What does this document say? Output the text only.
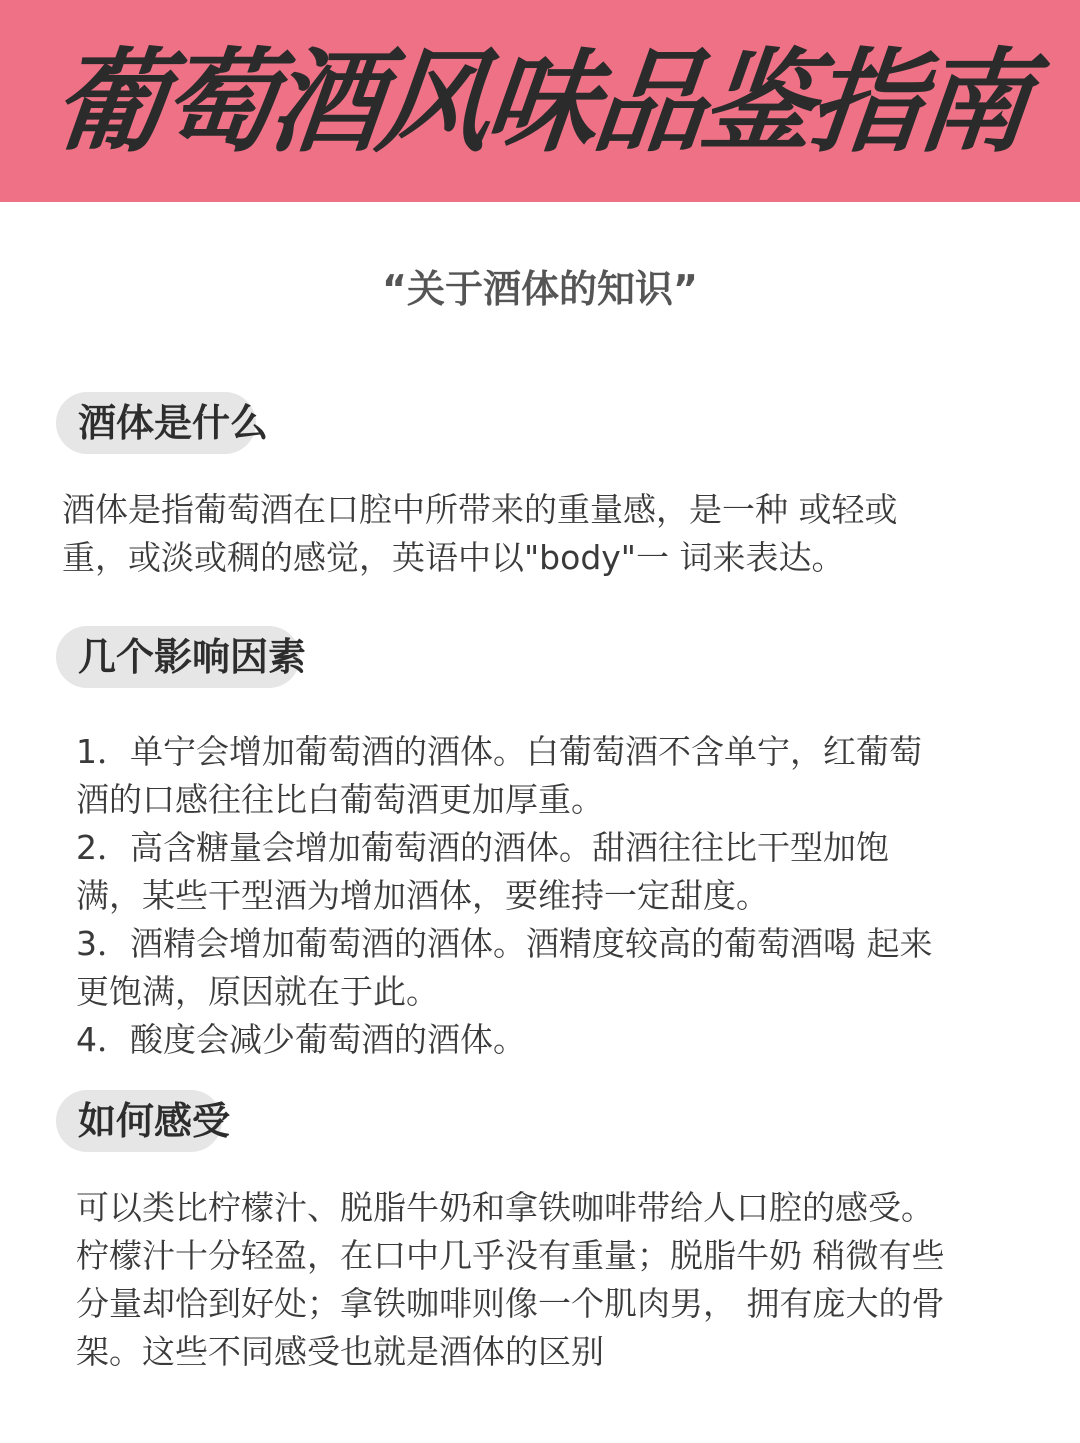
葡萄酒风味品鉴指南
“关于酒体的知识”
酒体是什么
酒体是指葡萄酒在口腔中所带来的重量感，是一种 或轻或
重，或淡或稠的感觉，英语中以"body"一 词来表达。
几个影响因素
1．单宁会增加葡萄酒的酒体。白葡萄酒不含单宁，红葡萄
酒的口感往往比白葡萄酒更加厚重。
2．高含糖量会增加葡萄酒的酒体。甜酒往往比干型加饱
满，某些干型酒为增加酒体，要维持一定甜度。
3．酒精会增加葡萄酒的酒体。酒精度较高的葡萄酒喝 起来
更饱满，原因就在于此。
4．酸度会减少葡萄酒的酒体。
如何感受
可以类比柠檬汁、脱脂牛奶和拿铁咖啡带给人口腔的感受。
柠檬汁十分轻盈，在口中几乎没有重量；脱脂牛奶 稍微有些
分量却恰到好处；拿铁咖啡则像一个肌肉男， 拥有庞大的骨
架。这些不同感受也就是酒体的区别
